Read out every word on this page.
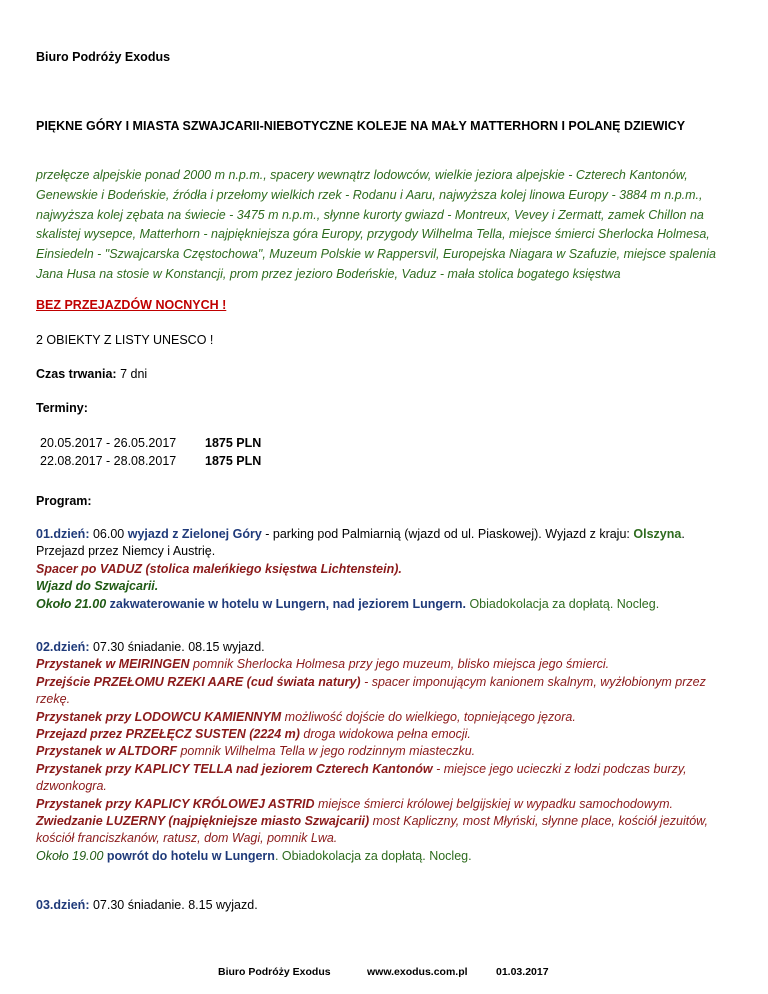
Biuro Podróży Exodus
PIĘKNE GÓRY I MIASTA SZWAJCARII-NIEBOTYCZNE KOLEJE NA MAŁY MATTERHORN I POLANĘ DZIEWICY
przełęcze alpejskie ponad 2000 m n.p.m., spacery wewnątrz lodowców, wielkie jeziora alpejskie - Czterech Kantonów, Genewskie i Bodeńskie, źródła i przełomy wielkich rzek - Rodanu i Aaru, najwyższa kolej linowa Europy - 3884 m n.p.m., najwyższa kolej zębata na świecie - 3475 m n.p.m., słynne kurorty gwiazd - Montreux, Vevey i Zermatt, zamek Chillon na skalistej wysepce, Matterhorn - najpiękniejsza góra Europy, przygody Wilhelma Tella, miejsce śmierci Sherlocka Holmesa, Einsiedeln - "Szwajcarska Częstochowa", Muzeum Polskie w Rappersvil, Europejska Niagara w Szafuzie, miejsce spalenia Jana Husa na stosie w Konstancji, prom przez jezioro Bodeńskie, Vaduz - mała stolica bogatego księstwa
BEZ PRZEJAZDÓW NOCNYCH !
2 OBIEKTY Z LISTY UNESCO !
Czas trwania: 7 dni
Terminy:
20.05.2017 - 26.05.2017 1875 PLN
22.08.2017 - 28.08.2017 1875 PLN
Program:
01.dzień: 06.00 wyjazd z Zielonej Góry - parking pod Palmiarnią (wjazd od ul. Piaskowej). Wyjazd z kraju: Olszyna. Przejazd przez Niemcy i Austrię.
Spacer po VADUZ (stolica maleńkiego księstwa Lichtenstein).
Wjazd do Szwajcarii.
Około 21.00 zakwaterowanie w hotelu w Lungern, nad jeziorem Lungern. Obiadokolacja za dopłatą. Nocleg.
02.dzień: 07.30 śniadanie. 08.15 wyjazd.
Przystanek w MEIRINGEN pomnik Sherlocka Holmesa przy jego muzeum, blisko miejsca jego śmierci.
Przejście PRZEŁOMU RZEKI AARE (cud świata natury) - spacer imponującym kanionem skalnym, wyżłobionym przez rzekę.
Przystanek przy LODOWCU KAMIENNYM możliwość dojście do wielkiego, topniejącego jęzora.
Przejazd przez PRZEŁĘCZ SUSTEN (2224 m) droga widokowa pełna emocji.
Przystanek w ALTDORF pomnik Wilhelma Tella w jego rodzinnym miasteczku.
Przystanek przy KAPLICY TELLA nad jeziorem Czterech Kantonów - miejsce jego ucieczki z łodzi podczas burzy, dzwonkogra.
Przystanek przy KAPLICY KRÓLOWEJ ASTRID miejsce śmierci królowej belgijskiej w wypadku samochodowym.
Zwiedzanie LUZERNY (najpiękniejsze miasto Szwajcarii) most Kapliczny, most Młyński, słynne place, kościół jezuitów, kościół franciszkanów, ratusz, dom Wagi, pomnik Lwa.
Około 19.00 powrót do hotelu w Lungern. Obiadokolacja za dopłatą. Nocleg.
03.dzień: 07.30 śniadanie. 8.15 wyjazd.
Biuro Podróży Exodus	www.exodus.com.pl	01.03.2017
